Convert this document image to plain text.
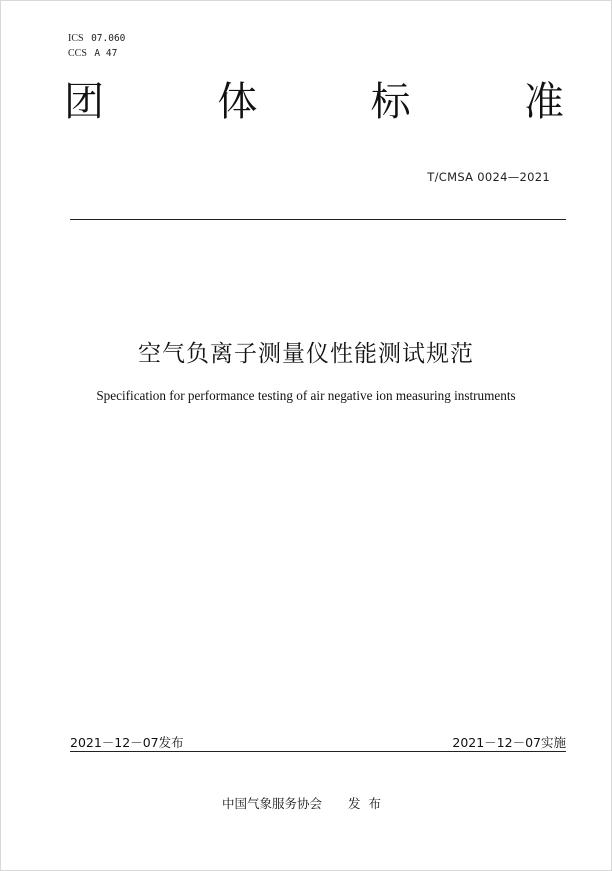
ICS 07.060
CCS A 47
团	体	标	准
T/CMSA 0024—2021
空气负离子测量仪性能测试规范
Specification for performance testing of air negative ion measuring instruments
2021－12－07发布	2021－12－07实施
中国气象服务协会 发布
